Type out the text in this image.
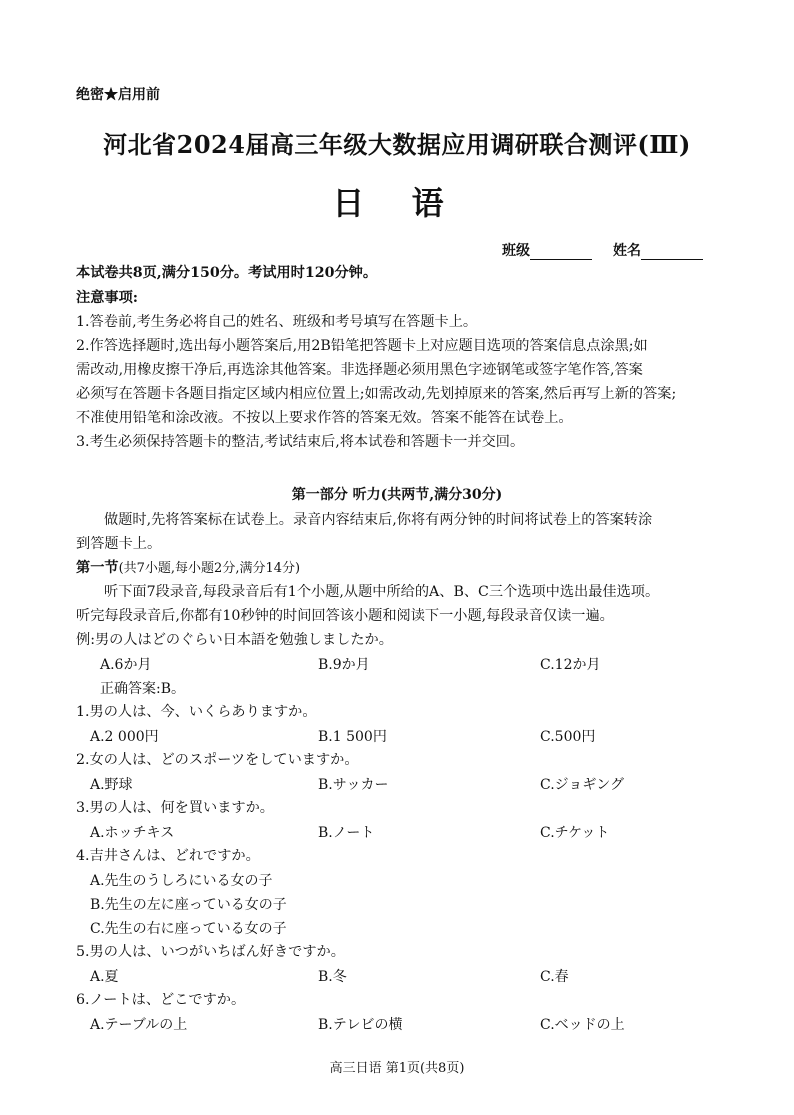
绝密★启用前
河北省2024届高三年级大数据应用调研联合测评(Ⅲ)
日 语
班级	姓名
本试卷共8页,满分150分。考试用时120分钟。
注意事项:
1.答卷前,考生务必将自己的姓名、班级和考号填写在答题卡上。
2.作答选择题时,选出每小题答案后,用2B铅笔把答题卡上对应题目选项的答案信息点涂黑;如
需改动,用橡皮擦干净后,再选涂其他答案。非选择题必须用黑色字迹钢笔或签字笔作答,答案
必须写在答题卡各题目指定区域内相应位置上;如需改动,先划掉原来的答案,然后再写上新的答案;
不准使用铅笔和涂改液。不按以上要求作答的答案无效。答案不能答在试卷上。
3.考生必须保持答题卡的整洁,考试结束后,将本试卷和答题卡一并交回。
第一部分 听力(共两节,满分30分)
做题时,先将答案标在试卷上。录音内容结束后,你将有两分钟的时间将试卷上的答案转涂
到答题卡上。
第一节(共7小题,每小题2分,满分14分)
听下面7段录音,每段录音后有1个小题,从题中所给的A、B、C三个选项中选出最佳选项。
听完每段录音后,你都有10秒钟的时间回答该小题和阅读下一小题,每段录音仅读一遍。
例:男の人はどのぐらい日本語を勉強しましたか。
A.6か月	B.9か月	C.12か月
正确答案:B。
1.男の人は、今、いくらありますか。
A.2 000円	B.1 500円	C.500円
2.女の人は、どのスポーツをしていますか。
A.野球	B.サッカー	C.ジョギング
3.男の人は、何を買いますか。
A.ホッチキス	B.ノート	C.チケット
4.吉井さんは、どれですか。
A.先生のうしろにいる女の子
B.先生の左に座っている女の子
C.先生の右に座っている女の子
5.男の人は、いつがいちばん好きですか。
A.夏	B.冬	C.春
6.ノートは、どこですか。
A.テーブルの上	B.テレビの横	C.ベッドの上
高三日语 第1页(共8页)
